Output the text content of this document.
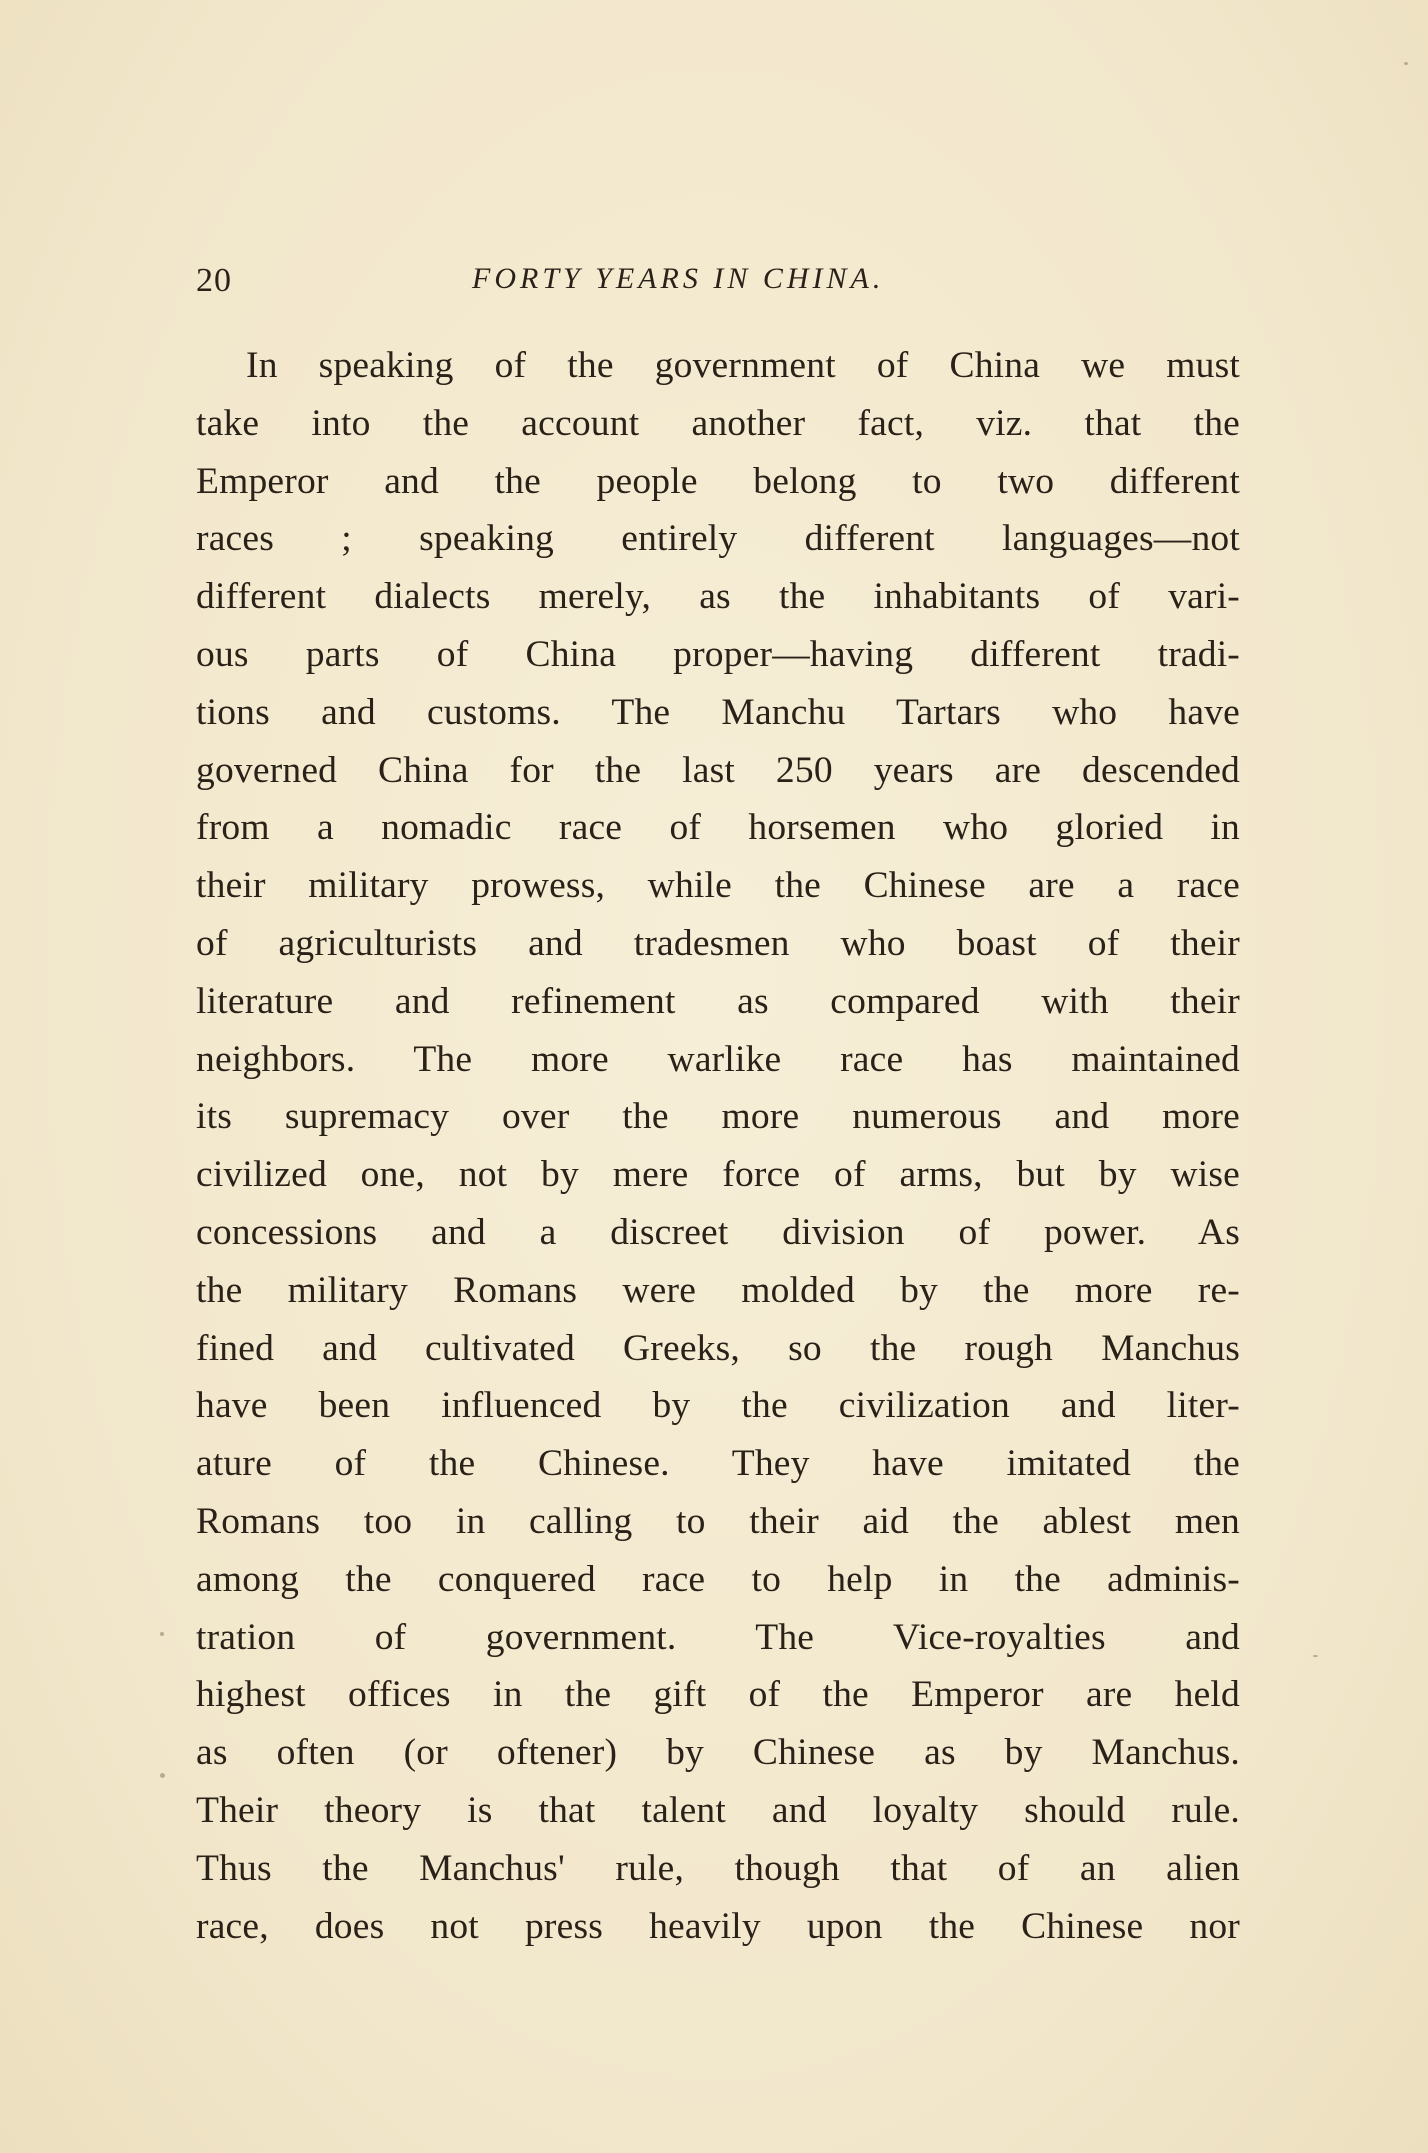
20	FORTY YEARS IN CHINA.
In speaking of the government of China we must
take into the account another fact, viz. that the
Emperor and the people belong to two different
races ; speaking entirely different languages—not
different dialects merely, as the inhabitants of vari-
ous parts of China proper—having different tradi-
tions and customs. The Manchu Tartars who have
governed China for the last 250 years are descended
from a nomadic race of horsemen who gloried in
their military prowess, while the Chinese are a race
of agriculturists and tradesmen who boast of their
literature and refinement as compared with their
neighbors. The more warlike race has maintained
its supremacy over the more numerous and more
civilized one, not by mere force of arms, but by wise
concessions and a discreet division of power. As
the military Romans were molded by the more re-
fined and cultivated Greeks, so the rough Manchus
have been influenced by the civilization and liter-
ature of the Chinese. They have imitated the
Romans too in calling to their aid the ablest men
among the conquered race to help in the adminis-
tration of government. The Vice-royalties and
highest offices in the gift of the Emperor are held
as often (or oftener) by Chinese as by Manchus.
Their theory is that talent and loyalty should rule.
Thus the Manchus' rule, though that of an alien
race, does not press heavily upon the Chinese nor
